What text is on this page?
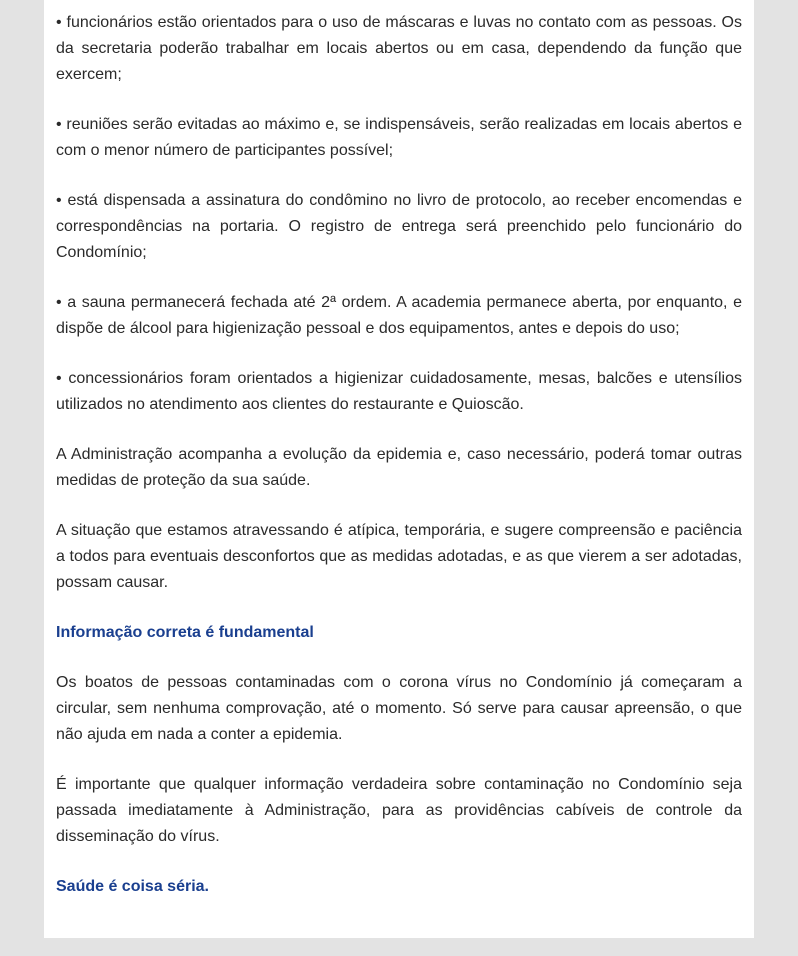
• funcionários estão orientados para o uso de máscaras e luvas no contato com as pessoas. Os da secretaria poderão trabalhar em locais abertos ou em casa, dependendo da função que exercem;

• reuniões serão evitadas ao máximo e, se indispensáveis, serão realizadas em locais abertos e com o menor número de participantes possível;

• está dispensada a assinatura do condômino no livro de protocolo, ao receber encomendas e correspondências na portaria. O registro de entrega será preenchido pelo funcionário do Condomínio;

• a sauna permanecerá fechada até 2ª ordem. A academia permanece aberta, por enquanto, e dispõe de álcool para higienização pessoal e dos equipamentos, antes e depois do uso;

• concessionários foram orientados a higienizar cuidadosamente, mesas, balcões e utensílios utilizados no atendimento aos clientes do restaurante e Quioscão.

A Administração acompanha a evolução da epidemia e, caso necessário, poderá tomar outras medidas de proteção da sua saúde.

A situação que estamos atravessando é atípica, temporária, e sugere compreensão e paciência a todos para eventuais desconfortos que as medidas adotadas, e as que vierem a ser adotadas, possam causar.

Informação correta é fundamental

Os boatos de pessoas contaminadas com o corona vírus no Condomínio já começaram a circular, sem nenhuma comprovação, até o momento. Só serve para causar apreensão, o que não ajuda em nada a conter a epidemia.

É importante que qualquer informação verdadeira sobre contaminação no Condomínio seja passada imediatamente à Administração, para as providências cabíveis de controle da disseminação do vírus.

Saúde é coisa séria.
